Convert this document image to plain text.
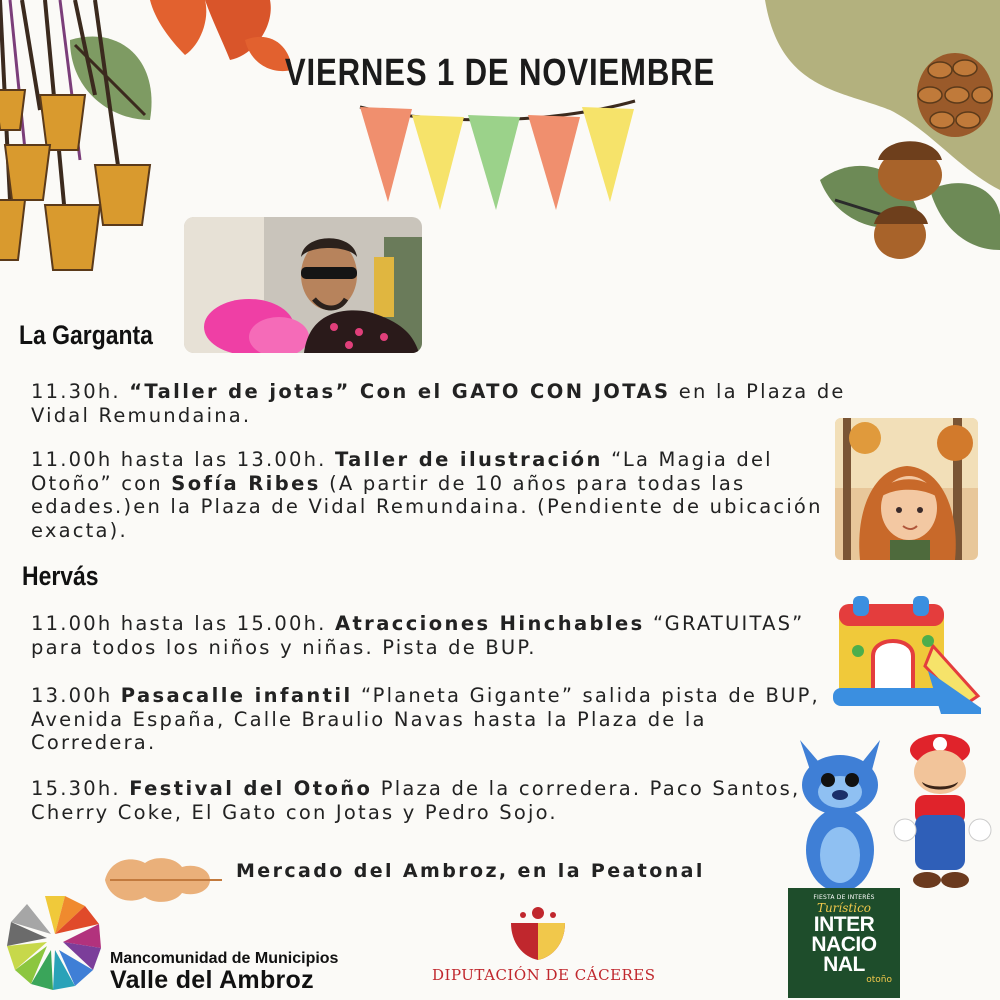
VIERNES 1 DE NOVIEMBRE
La Garganta
11.30h. “Taller de jotas” Con el GATO CON JOTAS en la Plaza de Vidal Remundaina.
11.00h hasta las 13.00h. Taller de ilustración “La Magia del Otoño” con Sofía Ribes (A partir de 10 años para todas las edades.)en la Plaza de Vidal Remundaina. (Pendiente de ubicación exacta).
Hervás
11.00h hasta las 15.00h. Atracciones Hinchables “GRATUITAS” para todos los niños y niñas. Pista de BUP.
13.00h Pasacalle infantil “Planeta Gigante” salida pista de BUP, Avenida España, Calle Braulio Navas hasta la Plaza de la Corredera.
15.30h. Festival del Otoño Plaza de la corredera. Paco Santos, Cherry Coke, El Gato con Jotas y Pedro Sojo.
Mercado del Ambroz, en la Peatonal
Mancomunidad de Municipios
Valle del Ambroz	DIPUTACIÓN DE CÁCERES
FIESTA DE INTERÉS
Turístico
INTER
NACIO
NAL
otoño
